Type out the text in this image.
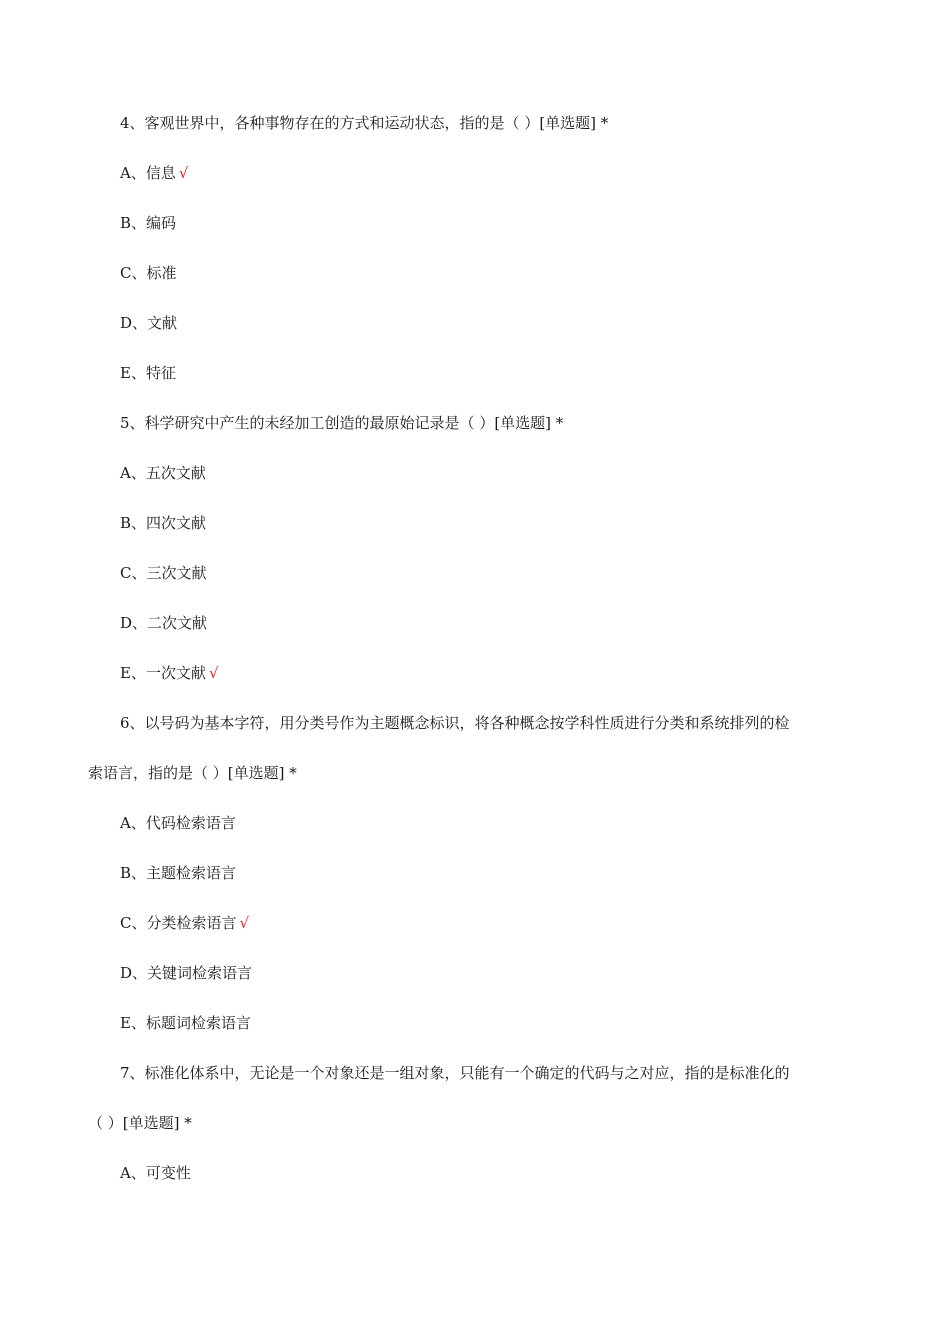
4、客观世界中，各种事物存在的方式和运动状态，指的是（ ）[单选题] *
A、信息 √
B、编码
C、标准
D、文献
E、特征
5、科学研究中产生的未经加工创造的最原始记录是（ ）[单选题] *
A、五次文献
B、四次文献
C、三次文献
D、二次文献
E、一次文献 √
6、以号码为基本字符，用分类号作为主题概念标识，将各种概念按学科性质进行分类和系统排列的检
索语言，指的是（ ）[单选题] *
A、代码检索语言
B、主题检索语言
C、分类检索语言 √
D、关键词检索语言
E、标题词检索语言
7、标准化体系中，无论是一个对象还是一组对象，只能有一个确定的代码与之对应，指的是标准化的
（ ）[单选题] *
A、可变性
